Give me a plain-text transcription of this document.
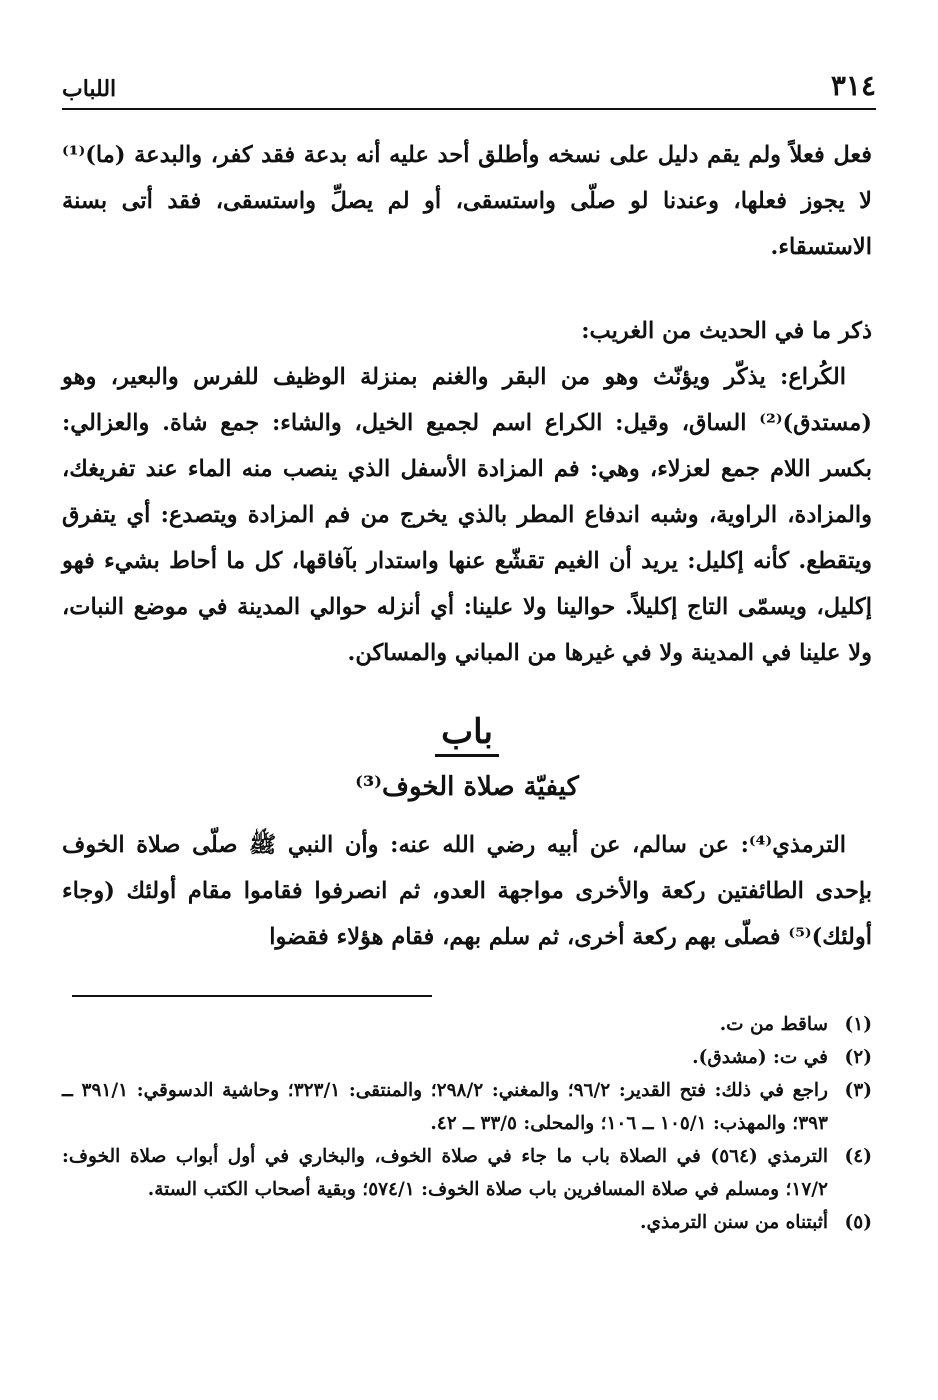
٣١٤
اللباب

فعل فعلاً ولم يقم دليل على نسخه وأطلق أحد عليه أنه بدعة فقد كفر، والبدعة (ما)⁽¹⁾ لا يجوز فعلها، وعندنا لو صلّى واستسقى، أو لم يصلِّ واستسقى، فقد أتى بسنة الاستسقاء.

ذكر ما في الحديث من الغريب:

الكُراع: يذكّر ويؤنّث وهو من البقر والغنم بمنزلة الوظيف للفرس والبعير، وهو (مستدق)⁽²⁾ الساق، وقيل: الكراع اسم لجميع الخيل، والشاء: جمع شاة. والعزالي: بكسر اللام جمع لعزلاء، وهي: فم المزادة الأسفل الذي ينصب منه الماء عند تفريغك، والمزادة، الراوية، وشبه اندفاع المطر بالذي يخرج من فم المزادة ويتصدع: أي يتفرق ويتقطع. كأنه إكليل: يريد أن الغيم تقشّع عنها واستدار بآفاقها، كل ما أحاط بشيء فهو إكليل، ويسمّى التاج إكليلاً. حوالينا ولا علينا: أي أنزله حوالي المدينة في موضع النبات، ولا علينا في المدينة ولا في غيرها من المباني والمساكن.

باب
كيفيّة صلاة الخوف⁽³⁾

الترمذي⁽⁴⁾: عن سالم، عن أبيه رضي الله عنه: وأن النبي ﷺ صلّى صلاة الخوف بإحدى الطائفتين ركعة والأخرى مواجهة العدو، ثم انصرفوا فقاموا مقام أولئك (وجاء أولئك)⁽⁵⁾ فصلّى بهم ركعة أخرى، ثم سلم بهم، فقام هؤلاء فقضوا

(١)
ساقط من ت.
(٢)
في ت: (مشدق).
(٣)
راجع في ذلك: فتح القدير: ٩٦/٢؛ والمغني: ٢٩٨/٢؛ والمنتقى: ٣٢٣/١؛ وحاشية الدسوقي: ٣٩١/١ ــ ٣٩٣؛ والمهذب: ١٠٥/١ ــ ١٠٦؛ والمحلى: ٣٣/٥ ــ ٤٢.
(٤)
الترمذي (٥٦٤) في الصلاة باب ما جاء في صلاة الخوف، والبخاري في أول أبواب صلاة الخوف: ١٧/٢؛ ومسلم في صلاة المسافرين باب صلاة الخوف: ٥٧٤/١؛ وبقية أصحاب الكتب الستة.
(٥)
أثبتناه من سنن الترمذي.
